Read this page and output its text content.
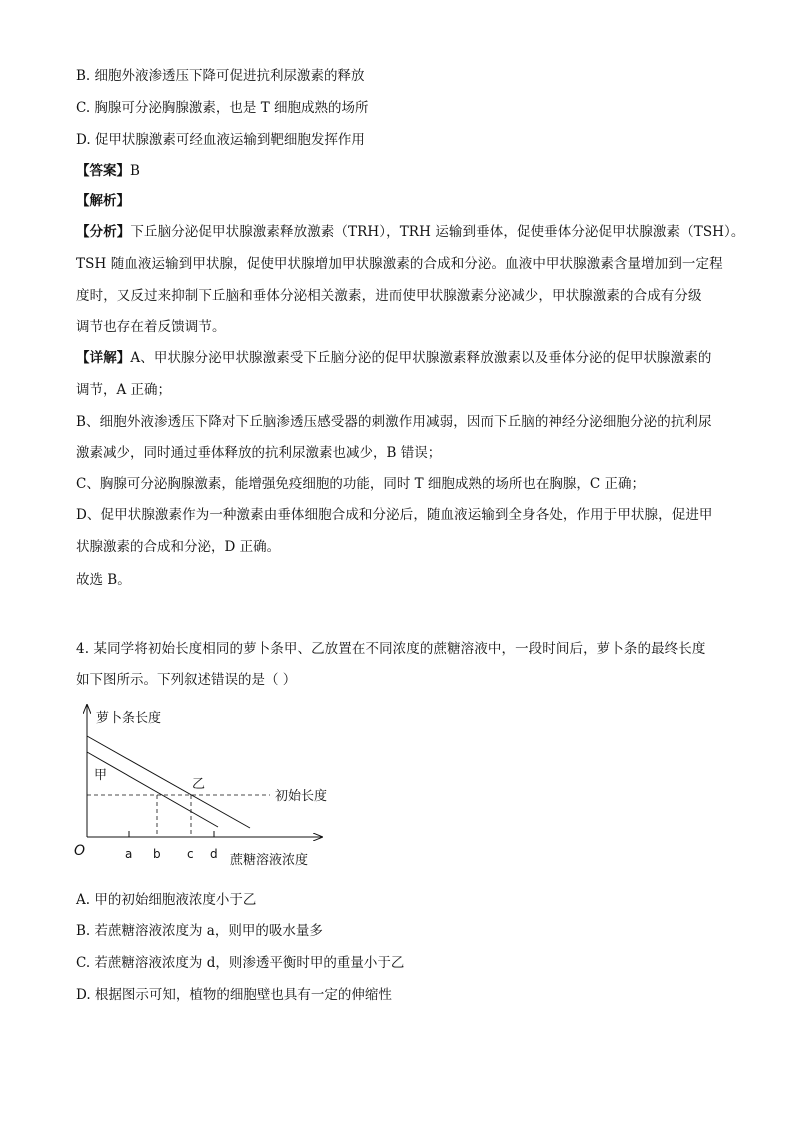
B. 细胞外液渗透压下降可促进抗利尿激素的释放
C. 胸腺可分泌胸腺激素，也是 T 细胞成熟的场所
D. 促甲状腺激素可经血液运输到靶细胞发挥作用
【答案】B
【解析】
【分析】下丘脑分泌促甲状腺激素释放激素（TRH），TRH 运输到垂体，促使垂体分泌促甲状腺激素（TSH）。
TSH 随血液运输到甲状腺，促使甲状腺增加甲状腺激素的合成和分泌。血液中甲状腺激素含量增加到一定程
度时，又反过来抑制下丘脑和垂体分泌相关激素，进而使甲状腺激素分泌减少，甲状腺激素的合成有分级
调节也存在着反馈调节。
【详解】A、甲状腺分泌甲状腺激素受下丘脑分泌的促甲状腺激素释放激素以及垂体分泌的促甲状腺激素的
调节，A 正确；
B、细胞外液渗透压下降对下丘脑渗透压感受器的刺激作用减弱，因而下丘脑的神经分泌细胞分泌的抗利尿
激素减少，同时通过垂体释放的抗利尿激素也减少，B 错误；
C、胸腺可分泌胸腺激素，能增强免疫细胞的功能，同时 T 细胞成熟的场所也在胸腺，C 正确；
D、促甲状腺激素作为一种激素由垂体细胞合成和分泌后，随血液运输到全身各处，作用于甲状腺，促进甲
状腺激素的合成和分泌，D 正确。
故选 B。
4. 某同学将初始长度相同的萝卜条甲、乙放置在不同浓度的蔗糖溶液中，一段时间后，萝卜条的最终长度
如下图所示。下列叙述错误的是（ ）
萝卜条长度
甲
乙
初始长度
O	a b c d 蔗糖溶液浓度
A. 甲的初始细胞液浓度小于乙
B. 若蔗糖溶液浓度为 a，则甲的吸水量多
C. 若蔗糖溶液浓度为 d，则渗透平衡时甲的重量小于乙
D. 根据图示可知，植物的细胞壁也具有一定的伸缩性
